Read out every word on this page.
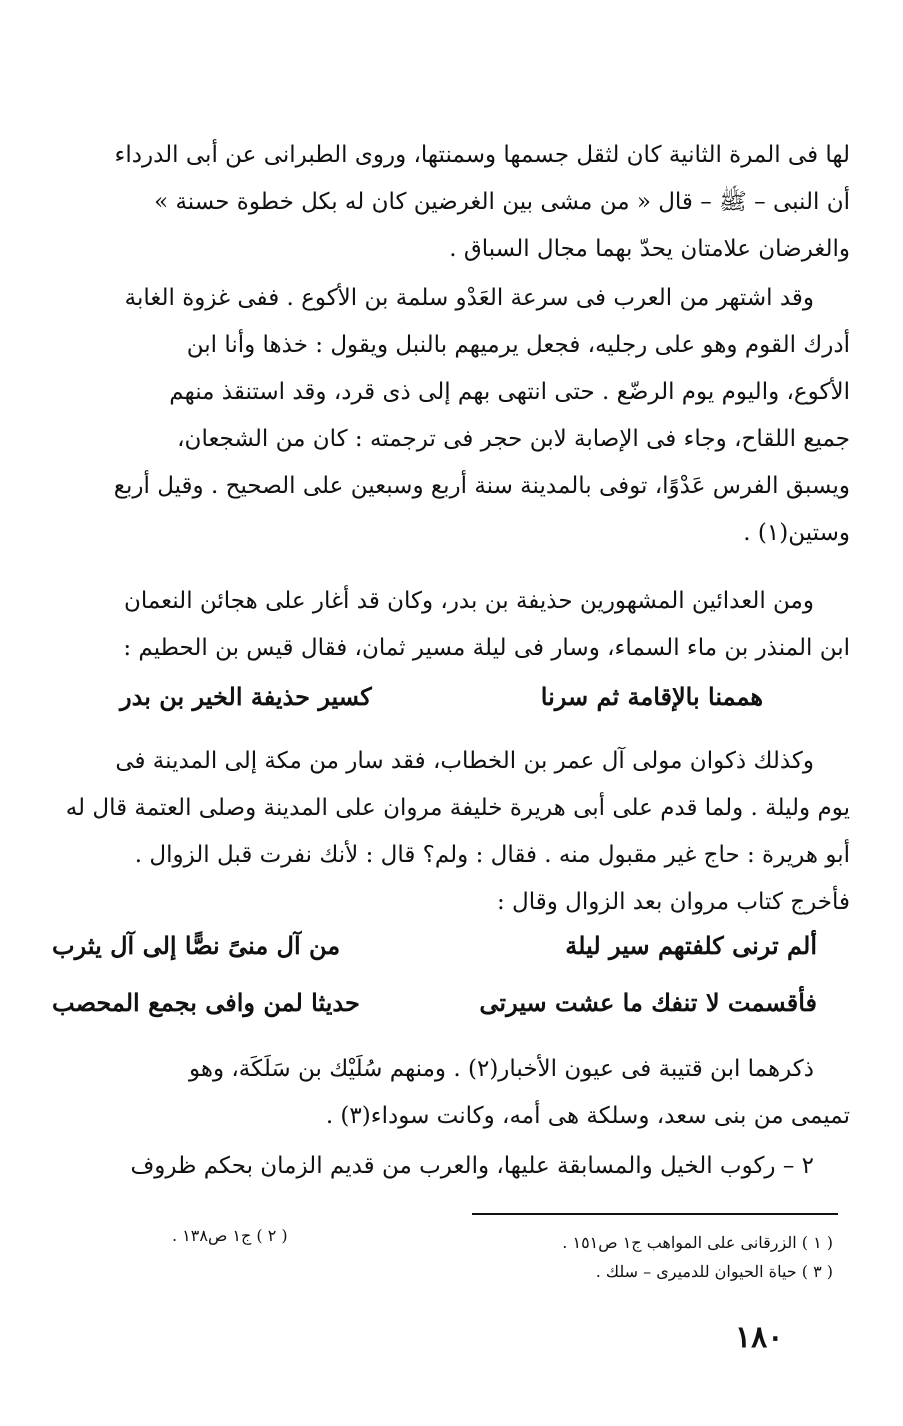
لها فى المرة الثانية كان لثقل جسمها وسمنتها، وروى الطبرانى عن أبى الدرداء
أن النبى – ﷺ – قال « من مشى بين الغرضين كان له بكل خطوة حسنة »
والغرضان علامتان يحدّ بهما مجال السباق .
وقد اشتهر من العرب فى سرعة العَدْو سلمة بن الأكوع . ففى غزوة الغابة
أدرك القوم وهو على رجليه، فجعل يرميهم بالنبل ويقول : خذها وأنا ابن
الأكوع، واليوم يوم الرضّع . حتى انتهى بهم إلى ذى قرد، وقد استنقذ منهم
جميع اللقاح، وجاء فى الإصابة لابن حجر فى ترجمته : كان من الشجعان،
ويسبق الفرس عَدْوًا، توفى بالمدينة سنة أربع وسبعين على الصحيح . وقيل أربع
وستين(١) .
ومن العدائين المشهورين حذيفة بن بدر، وكان قد أغار على هجائن النعمان
ابن المنذر بن ماء السماء، وسار فى ليلة مسير ثمان، فقال قيس بن الحطيم :
هممنا بالإقامة ثم سرنا
كسير حذيفة الخير بن بدر
وكذلك ذكوان مولى آل عمر بن الخطاب، فقد سار من مكة إلى المدينة فى
يوم وليلة . ولما قدم على أبى هريرة خليفة مروان على المدينة وصلى العتمة قال له
أبو هريرة : حاج غير مقبول منه . فقال : ولم؟ قال : لأنك نفرت قبل الزوال .
فأخرج كتاب مروان بعد الزوال وقال :
ألم ترنى كلفتهم سير ليلة
من آل منىً نصًّا إلى آل يثرب
فأقسمت لا تنفك ما عشت سيرتى
حديثا لمن وافى بجمع المحصب
ذكرهما ابن قتيبة فى عيون الأخبار(٢) . ومنهم سُلَيْك بن سَلَكَة، وهو
تميمى من بنى سعد، وسلكة هى أمه، وكانت سوداء(٣) .
٢ – ركوب الخيل والمسابقة عليها، والعرب من قديم الزمان بحكم ظروف
( ١ ) الزرقانى على المواهب ج١ ص١٥١ .
( ٢ ) ج١ ص١٣٨ .
( ٣ ) حياة الحيوان للدميرى – سلك .
١٨٠
